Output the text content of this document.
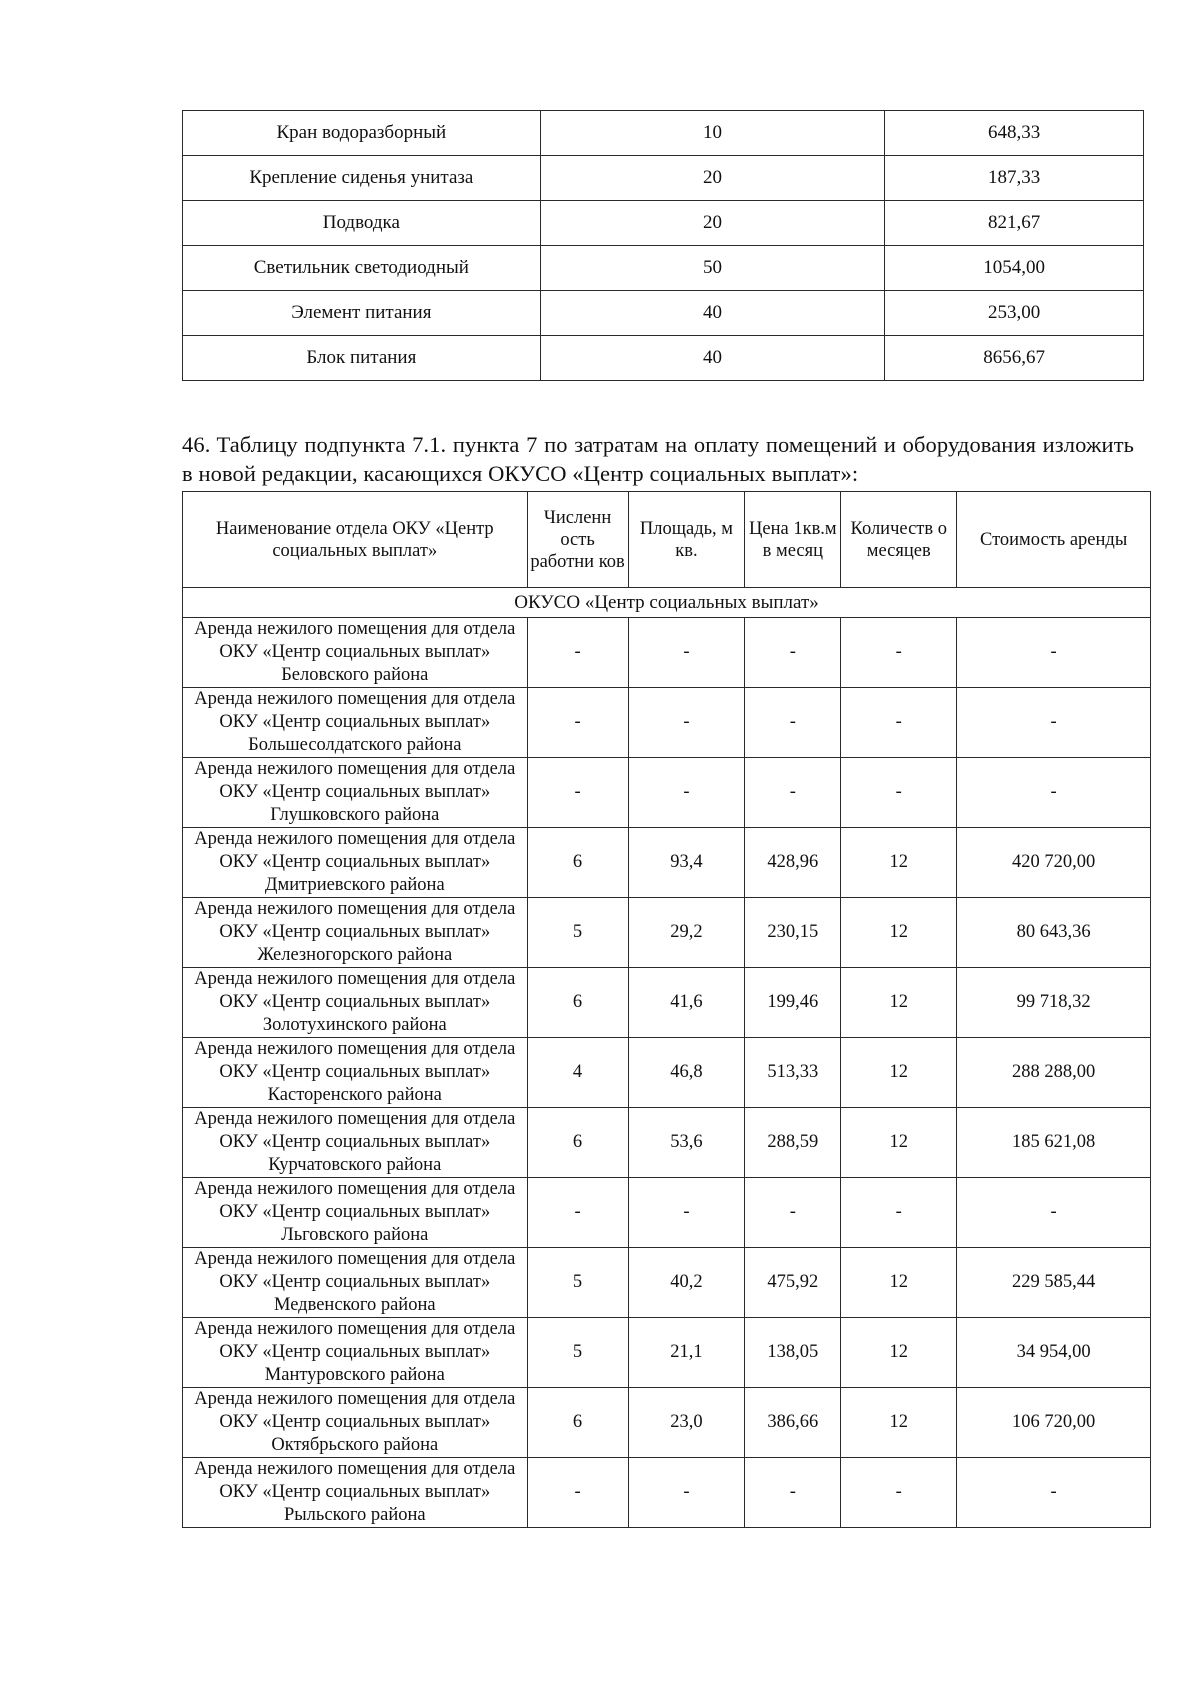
Кран водоразборный	10	648,33
Крепление сиденья унитаза	20	187,33
Подводка	20	821,67
Светильник светодиодный	50	1054,00
Элемент питания	40	253,00
Блок питания	40	8656,67

46. Таблицу подпункта 7.1. пункта 7 по затратам на оплату помещений и оборудования изложить в новой редакции, касающихся ОКУСО «Центр социальных выплат»:

Наименование отдела ОКУ «Центр социальных выплат»	Численн ость работни ков	Площадь, м кв.	Цена 1кв.м в месяц	Количеств о месяцев	Стоимость аренды
ОКУСО «Центр социальных выплат»					
Аренда нежилого помещения для отдела ОКУ «Центр социальных выплат» Беловского района	-	-	-	-	-
Аренда нежилого помещения для отдела ОКУ «Центр социальных выплат» Большесолдатского района	-	-	-	-	-
Аренда нежилого помещения для отдела ОКУ «Центр социальных выплат» Глушковского района	-	-	-	-	-
Аренда нежилого помещения для отдела ОКУ «Центр социальных выплат» Дмитриевского района	6	93,4	428,96	12	420 720,00
Аренда нежилого помещения для отдела ОКУ «Центр социальных выплат» Железногорского района	5	29,2	230,15	12	80 643,36
Аренда нежилого помещения для отдела ОКУ «Центр социальных выплат» Золотухинского района	6	41,6	199,46	12	99 718,32
Аренда нежилого помещения для отдела ОКУ «Центр социальных выплат» Касторенского района	4	46,8	513,33	12	288 288,00
Аренда нежилого помещения для отдела ОКУ «Центр социальных выплат» Курчатовского района	6	53,6	288,59	12	185 621,08
Аренда нежилого помещения для отдела ОКУ «Центр социальных выплат» Льговского района	-	-	-	-	-
Аренда нежилого помещения для отдела ОКУ «Центр социальных выплат» Медвенского района	5	40,2	475,92	12	229 585,44
Аренда нежилого помещения для отдела ОКУ «Центр социальных выплат» Мантуровского района	5	21,1	138,05	12	34 954,00
Аренда нежилого помещения для отдела ОКУ «Центр социальных выплат» Октябрьского района	6	23,0	386,66	12	106 720,00
Аренда нежилого помещения для отдела ОКУ «Центр социальных выплат» Рыльского района	-	-	-	-	-
